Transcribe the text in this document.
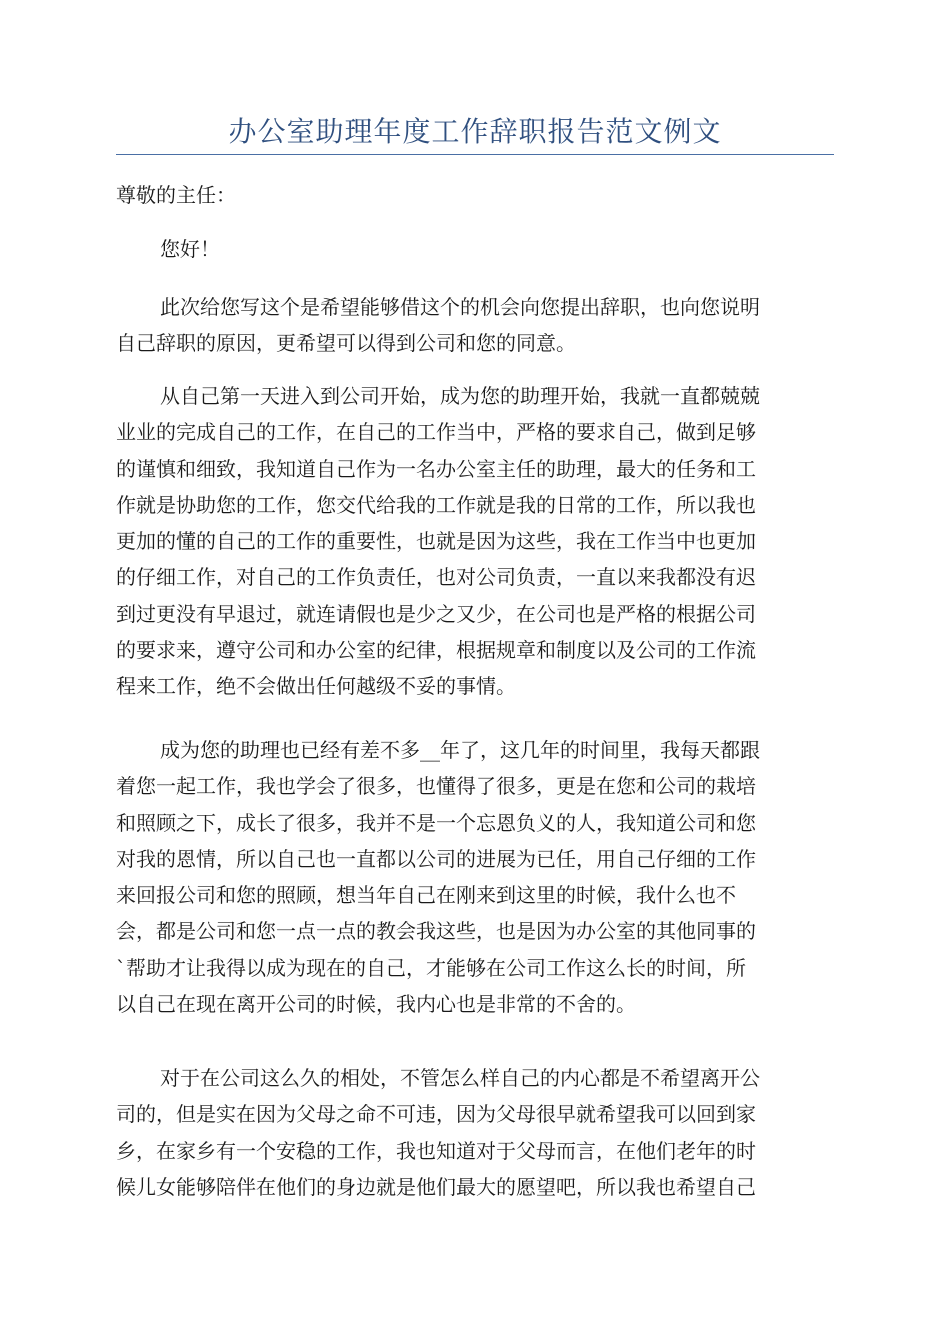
办公室助理年度工作辞职报告范文例文
尊敬的主任：
您好！
此次给您写这个是希望能够借这个的机会向您提出辞职，也向您说明
自己辞职的原因，更希望可以得到公司和您的同意。
从自己第一天进入到公司开始，成为您的助理开始，我就一直都兢兢
业业的完成自己的工作，在自己的工作当中，严格的要求自己，做到足够
的谨慎和细致，我知道自己作为一名办公室主任的助理，最大的任务和工
作就是协助您的工作，您交代给我的工作就是我的日常的工作，所以我也
更加的懂的自己的工作的重要性，也就是因为这些，我在工作当中也更加
的仔细工作，对自己的工作负责任，也对公司负责，一直以来我都没有迟
到过更没有早退过，就连请假也是少之又少，在公司也是严格的根据公司
的要求来，遵守公司和办公室的纪律，根据规章和制度以及公司的工作流
程来工作，绝不会做出任何越级不妥的事情。
成为您的助理也已经有差不多__年了，这几年的时间里，我每天都跟
着您一起工作，我也学会了很多，也懂得了很多，更是在您和公司的栽培
和照顾之下，成长了很多，我并不是一个忘恩负义的人，我知道公司和您
对我的恩情，所以自己也一直都以公司的进展为已任，用自己仔细的工作
来回报公司和您的照顾，想当年自己在刚来到这里的时候，我什么也不
会，都是公司和您一点一点的教会我这些，也是因为办公室的其他同事的
`帮助才让我得以成为现在的自己，才能够在公司工作这么长的时间，所
以自己在现在离开公司的时候，我内心也是非常的不舍的。
对于在公司这么久的相处，不管怎么样自己的内心都是不希望离开公
司的，但是实在因为父母之命不可违，因为父母很早就希望我可以回到家
乡，在家乡有一个安稳的工作，我也知道对于父母而言，在他们老年的时
候儿女能够陪伴在他们的身边就是他们最大的愿望吧，所以我也希望自己
